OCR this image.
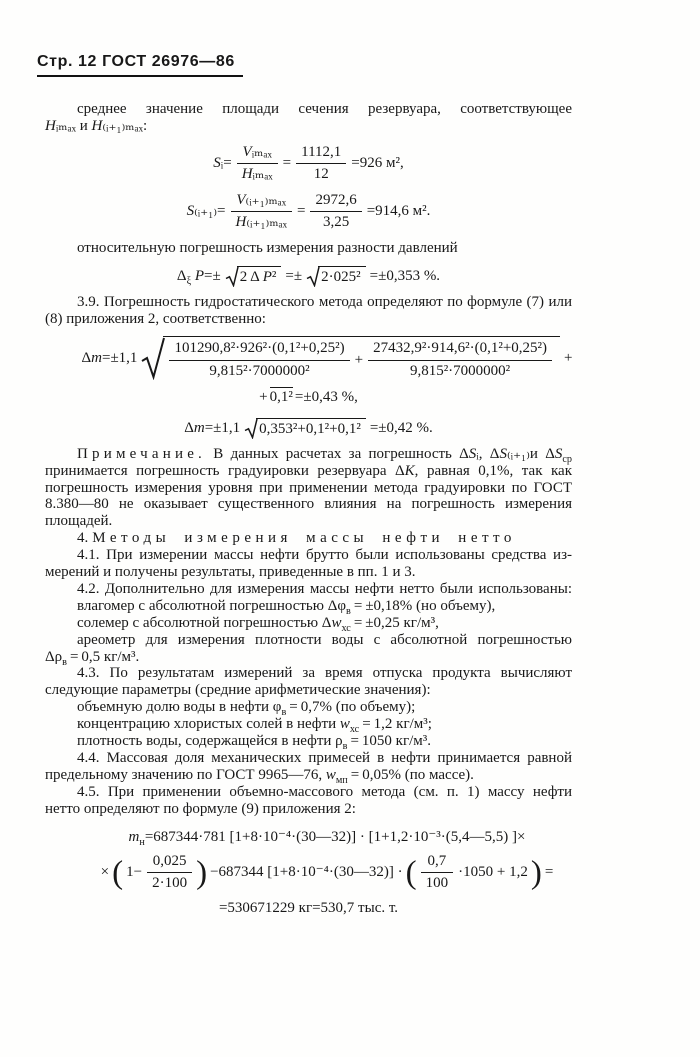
Стр. 12 ГОСТ 26976—86
среднее значение площади сечения резервуара, соответствующее
Hᵢₘₐₓ и H₍ᵢ₊₁₎ₘₐₓ:
Sᵢ= $\frac{\text{Vᵢₘₐₓ}}{\text{Hᵢₘₐₓ}} = \frac{1112,1}{12} =926$ м²,
S₍ᵢ₊₁₎= $\frac{\text{V₍ᵢ₊₁₎ₘₐₓ}}{\text{H₍ᵢ₊₁₎ₘₐₓ}} = \frac{2972,6}{3,25} =914,6$ м².
относительную погрешность измерения разности давлений
$\Delta_\xi$ P=± 2 Δ P² =± 2·025² =±0,353 %.
3.9. Погрешность гидростатического метода определяют по формуле (7) или
(8) приложения 2, соответственно:
$\Delta m=\pm 1,1 \frac{\text{101290,8²·926²·(0,1²+0,25²)}}{\text{9,815²·7000000²}} + \frac{\text{27432,9²·914,6²·(0,1²+0,25²)}}{\text{9,815²·7000000²}}$ +
+ 0,1² =±0,43 %,
Δm=±1,1 0,353²+0,1²+0,1² =±0,42 %.
Примечание. В данных расчетах за погрешность ΔSᵢ, ΔS₍ᵢ₊₁₎и $\Delta S_{ср}$
принимается погрешность градуировки резервуара ΔK, равная 0,1%, так как
погрешность измерения уровня при применении метода градуировки по ГОСТ
8.380—80 не оказывает существенного влияния на погрешность измерения
площадей.
4. Методы измерения массы нефти нетто
4.1. При измерении массы нефти брутто были использованы средства из-
мерений и получены результаты, приведенные в пп. 1 и 3.
4.2. Дополнительно для измерения массы нефти нетто были использованы:
влагомер с абсолютной погрешностью $\Delta\varphi_в = \pm 0,18\%$ (но объему),
солемер с абсолютной погрешностью $\Delta w_{хс} = \pm 0,25$ кг/м³,
ареометр для измерения плотности воды с абсолютной погрешностью
$\Delta\rho_в = 0,5$ кг/м³.
4.3. По результатам измерений за время отпуска продукта вычисляют
следующие параметры (средние арифметические значения):
объемную долю воды в нефти $\varphi_в = 0,7\%$ (по объему);
концентрацию хлористых солей в нефти $w_{хс} = 1,2$ кг/м³;
плотность воды, содержащейся в нефти $\rho_в = 1050$ кг/м³.
4.4. Массовая доля механических примесей в нефти принимается равной
предельному значению по ГОСТ 9965—76, $w_{мп} = 0,05\%$ (по массе).
4.5. При применении объемно-массового метода (см. п. 1) массу нефти
нетто определяют по формуле (9) приложения 2:
$m_н=687344\cdot 781$ [1+8·10⁻⁴·(30—32)] · [1+1,2·10⁻³·(5,4—5,5) ]×
×( $1- \frac{0,025}{2\cdot 100}$ ) −687344 [1+8·10⁻⁴·(30—32)] ·( $\frac{0,7}{100} \cdot 1050 + 1,2$) =
=530671229 кг=530,7 тыс. т.
